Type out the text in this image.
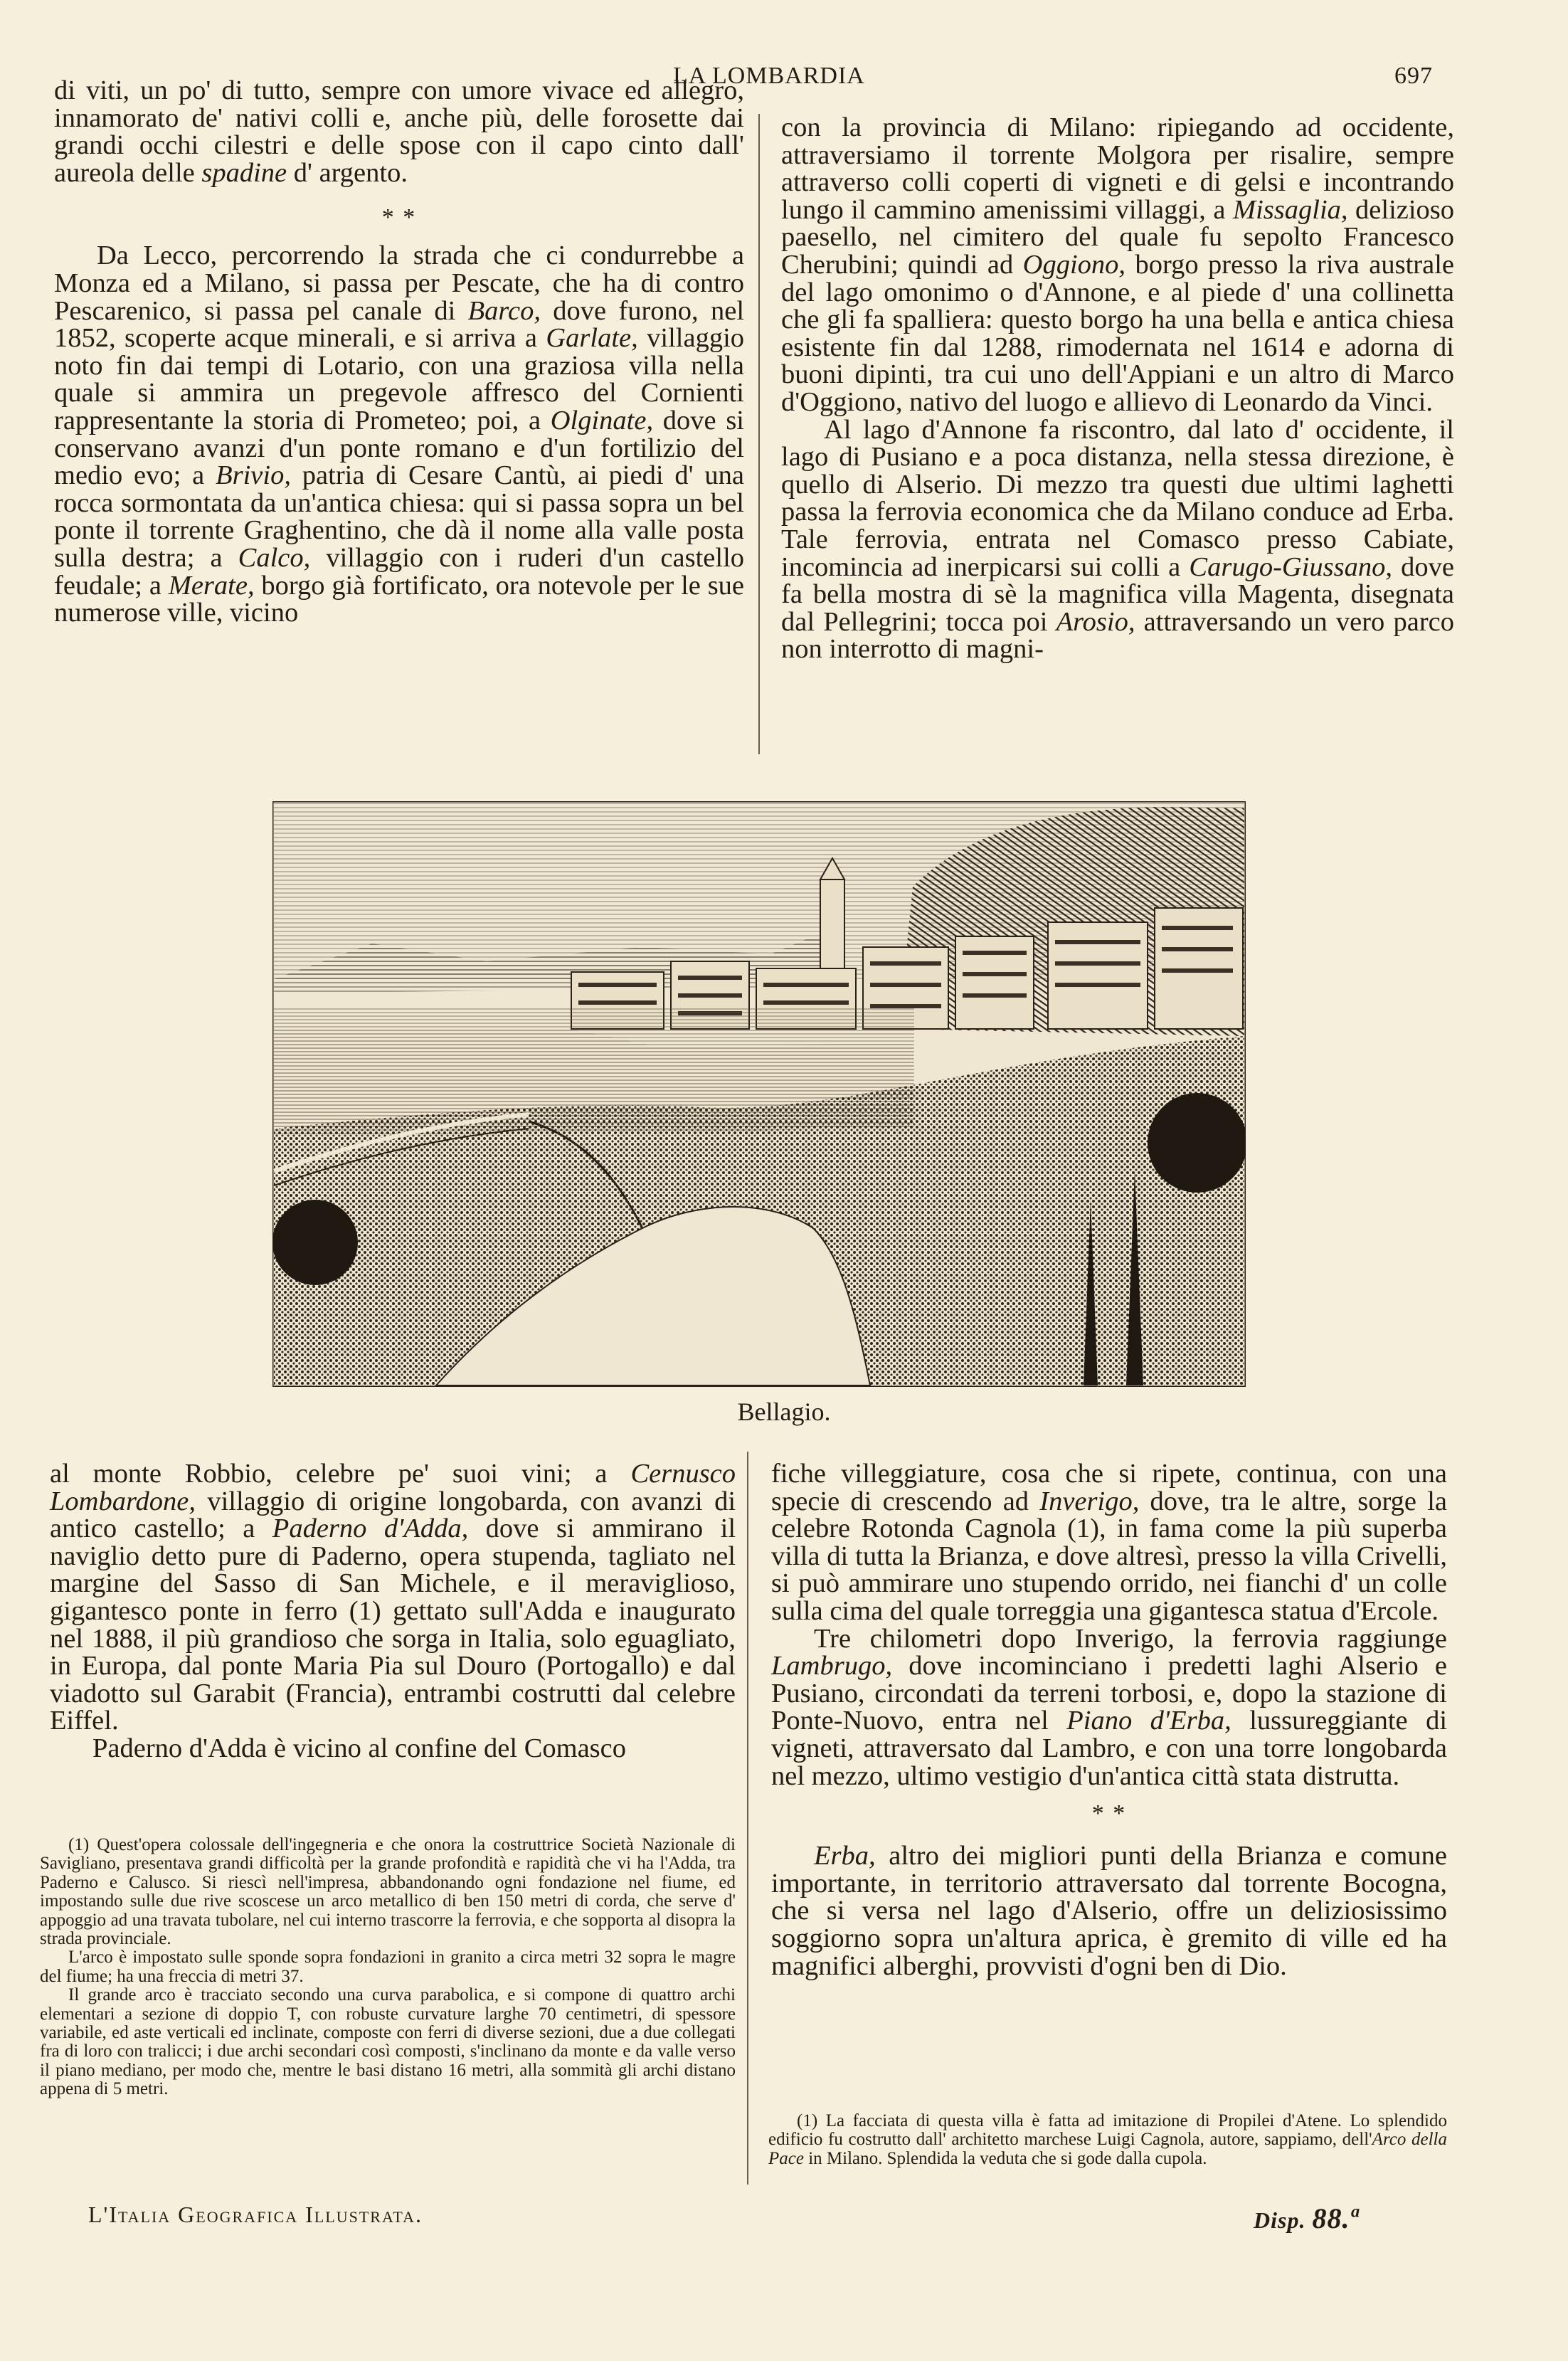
LA LOMBARDIA	697

di viti, un po' di tutto, sempre con umore vivace ed allegro, innamorato de' nativi colli e, anche più, delle forosette dai grandi occhi cilestri e delle spose con il capo cinto dall' aureola delle spadine d' argento.

* *

Da Lecco, percorrendo la strada che ci condurrebbe a Monza ed a Milano, si passa per Pescate, che ha di contro Pescarenico, si passa pel canale di Barco, dove furono, nel 1852, scoperte acque minerali, e si arriva a Garlate, villaggio noto fin dai tempi di Lotario, con una graziosa villa nella quale si ammira un pregevole affresco del Cornienti rappresentante la storia di Prometeo; poi, a Olginate, dove si conservano avanzi d'un ponte romano e d'un fortilizio del medio evo; a Brivio, patria di Cesare Cantù, ai piedi d' una rocca sormontata da un'antica chiesa: qui si passa sopra un bel ponte il torrente Graghentino, che dà il nome alla valle posta sulla destra; a Calco, villaggio con i ruderi d'un castello feudale; a Merate, borgo già fortificato, ora notevole per le sue numerose ville, vicino

con la provincia di Milano: ripiegando ad occidente, attraversiamo il torrente Molgora per risalire, sempre attraverso colli coperti di vigneti e di gelsi e incontrando lungo il cammino amenissimi villaggi, a Missaglia, delizioso paesello, nel cimitero del quale fu sepolto Francesco Cherubini; quindi ad Oggiono, borgo presso la riva australe del lago omonimo o d'Annone, e al piede d' una collinetta che gli fa spalliera: questo borgo ha una bella e antica chiesa esistente fin dal 1288, rimodernata nel 1614 e adorna di buoni dipinti, tra cui uno dell'Appiani e un altro di Marco d'Oggiono, nativo del luogo e allievo di Leonardo da Vinci.

Al lago d'Annone fa riscontro, dal lato d' occidente, il lago di Pusiano e a poca distanza, nella stessa direzione, è quello di Alserio. Di mezzo tra questi due ultimi laghetti passa la ferrovia economica che da Milano conduce ad Erba. Tale ferrovia, entrata nel Comasco presso Cabiate, incomincia ad inerpicarsi sui colli a Carugo-Giussano, dove fa bella mostra di sè la magnifica villa Magenta, disegnata dal Pellegrini; tocca poi Arosio, attraversando un vero parco non interrotto di magni-

Bellagio.

al monte Robbio, celebre pe' suoi vini; a Cernusco Lombardone, villaggio di origine longobarda, con avanzi di antico castello; a Paderno d'Adda, dove si ammirano il naviglio detto pure di Paderno, opera stupenda, tagliato nel margine del Sasso di San Michele, e il meraviglioso, gigantesco ponte in ferro (1) gettato sull'Adda e inaugurato nel 1888, il più grandioso che sorga in Italia, solo eguagliato, in Europa, dal ponte Maria Pia sul Douro (Portogallo) e dal viadotto sul Garabit (Francia), entrambi costrutti dal celebre Eiffel.

Paderno d'Adda è vicino al confine del Comasco

(1) Quest'opera colossale dell'ingegneria e che onora la costruttrice Società Nazionale di Savigliano, presentava grandi difficoltà per la grande profondità e rapidità che vi ha l'Adda, tra Paderno e Calusco. Si riescì nell'impresa, abbandonando ogni fondazione nel fiume, ed impostando sulle due rive scoscese un arco metallico di ben 150 metri di corda, che serve d' appoggio ad una travata tubolare, nel cui interno trascorre la ferrovia, e che sopporta al disopra la strada provinciale.

L'arco è impostato sulle sponde sopra fondazioni in granito a circa metri 32 sopra le magre del fiume; ha una freccia di metri 37.

Il grande arco è tracciato secondo una curva parabolica, e si compone di quattro archi elementari a sezione di doppio T, con robuste curvature larghe 70 centimetri, di spessore variabile, ed aste verticali ed inclinate, composte con ferri di diverse sezioni, due a due collegati fra di loro con tralicci; i due archi secondari così composti, s'inclinano da monte e da valle verso il piano mediano, per modo che, mentre le basi distano 16 metri, alla sommità gli archi distano appena di 5 metri.

fiche villeggiature, cosa che si ripete, continua, con una specie di crescendo ad Inverigo, dove, tra le altre, sorge la celebre Rotonda Cagnola (1), in fama come la più superba villa di tutta la Brianza, e dove altresì, presso la villa Crivelli, si può ammirare uno stupendo orrido, nei fianchi d' un colle sulla cima del quale torreggia una gigantesca statua d'Ercole.

Tre chilometri dopo Inverigo, la ferrovia raggiunge Lambrugo, dove incominciano i predetti laghi Alserio e Pusiano, circondati da terreni torbosi, e, dopo la stazione di Ponte-Nuovo, entra nel Piano d'Erba, lussureggiante di vigneti, attraversato dal Lambro, e con una torre longobarda nel mezzo, ultimo vestigio d'un'antica città stata distrutta.

* *

Erba, altro dei migliori punti della Brianza e comune importante, in territorio attraversato dal torrente Bocogna, che si versa nel lago d'Alserio, offre un deliziosissimo soggiorno sopra un'altura aprica, è gremito di ville ed ha magnifici alberghi, provvisti d'ogni ben di Dio.

(1) La facciata di questa villa è fatta ad imitazione di Propilei d'Atene. Lo splendido edificio fu costrutto dall' architetto marchese Luigi Cagnola, autore, sappiamo, dell'Arco della Pace in Milano. Splendida la veduta che si gode dalla cupola.

L'Italia Geografica Illustrata.	Disp. 88.ª
